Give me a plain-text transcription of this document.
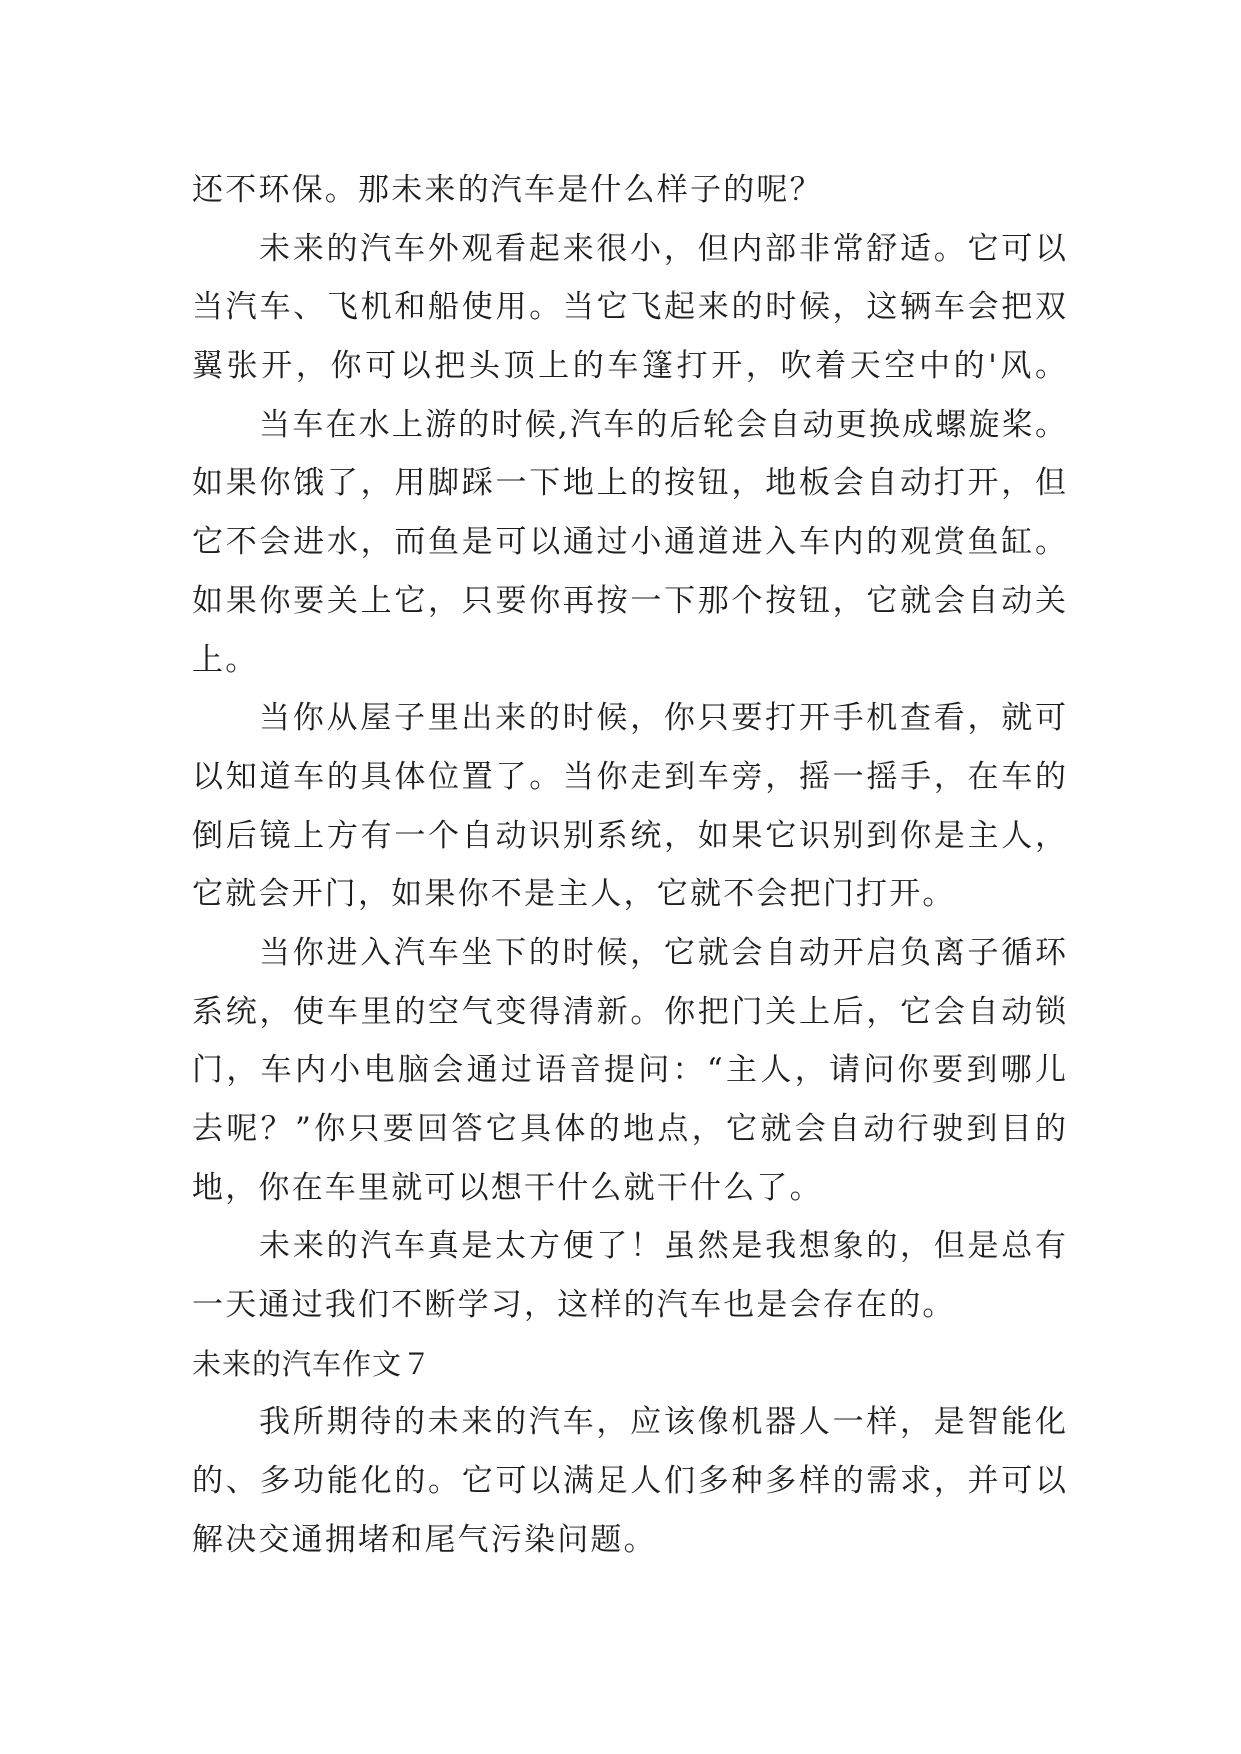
还不环保。那未来的汽车是什么样子的呢？
未来的汽车外观看起来很小，但内部非常舒适。它可以
当汽车、飞机和船使用。当它飞起来的时候，这辆车会把双
翼张开，你可以把头顶上的车篷打开，吹着天空中的'风。
当车在水上游的时候,汽车的后轮会自动更换成螺旋桨。
如果你饿了，用脚踩一下地上的按钮，地板会自动打开，但
它不会进水，而鱼是可以通过小通道进入车内的观赏鱼缸。
如果你要关上它，只要你再按一下那个按钮，它就会自动关
上。
当你从屋子里出来的时候，你只要打开手机查看，就可
以知道车的具体位置了。当你走到车旁，摇一摇手，在车的
倒后镜上方有一个自动识别系统，如果它识别到你是主人，
它就会开门，如果你不是主人，它就不会把门打开。
当你进入汽车坐下的时候，它就会自动开启负离子循环
系统，使车里的空气变得清新。你把门关上后，它会自动锁
门，车内小电脑会通过语音提问：“主人，请问你要到哪儿
去呢？”你只要回答它具体的地点，它就会自动行驶到目的
地，你在车里就可以想干什么就干什么了。
未来的汽车真是太方便了！虽然是我想象的，但是总有
一天通过我们不断学习，这样的汽车也是会存在的。
未来的汽车作文７
我所期待的未来的汽车，应该像机器人一样，是智能化
的、多功能化的。它可以满足人们多种多样的需求，并可以
解决交通拥堵和尾气污染问题。
